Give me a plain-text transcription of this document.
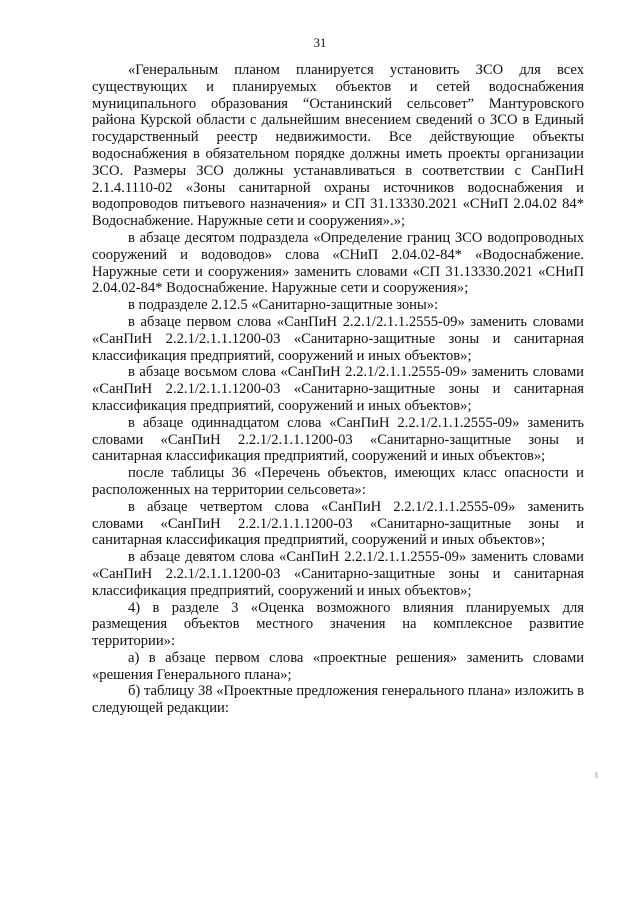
31

«Генеральным планом планируется установить ЗСО для всех существующих и планируемых объектов и сетей водоснабжения муниципального образования “Останинский сельсовет” Мантуровского района Курской области с дальнейшим внесением сведений о ЗСО в Единый государственный реестр недвижимости. Все действующие объекты водоснабжения в обязательном порядке должны иметь проекты организации ЗСО. Размеры ЗСО должны устанавливаться в соответствии с СанПиН 2.1.4.1110-02 «Зоны санитарной охраны источников водоснабжения и водопроводов питьевого назначения» и СП 31.13330.2021 «СНиП 2.04.02 84* Водоснабжение. Наружные сети и сооружения».»;

в абзаце десятом подраздела «Определение границ ЗСО водопроводных сооружений и водоводов» слова «СНиП 2.04.02-84* «Водоснабжение. Наружные сети и сооружения» заменить словами «СП 31.13330.2021 «СНиП 2.04.02-84* Водоснабжение. Наружные сети и сооружения»;

в подразделе 2.12.5 «Санитарно-защитные зоны»:

в абзаце первом слова «СанПиН 2.2.1/2.1.1.2555-09» заменить словами «СанПиН 2.2.1/2.1.1.1200-03 «Санитарно-защитные зоны и санитарная классификация предприятий, сооружений и иных объектов»;

в абзаце восьмом слова «СанПиН 2.2.1/2.1.1.2555-09» заменить словами «СанПиН 2.2.1/2.1.1.1200-03 «Санитарно-защитные зоны и санитарная классификация предприятий, сооружений и иных объектов»;

в абзаце одиннадцатом слова «СанПиН 2.2.1/2.1.1.2555-09» заменить словами «СанПиН 2.2.1/2.1.1.1200-03 «Санитарно-защитные зоны и санитарная классификация предприятий, сооружений и иных объектов»;

после таблицы 36 «Перечень объектов, имеющих класс опасности и расположенных на территории сельсовета»:

в абзаце четвертом слова «СанПиН 2.2.1/2.1.1.2555-09» заменить словами «СанПиН 2.2.1/2.1.1.1200-03 «Санитарно-защитные зоны и санитарная классификация предприятий, сооружений и иных объектов»;

в абзаце девятом слова «СанПиН 2.2.1/2.1.1.2555-09» заменить словами «СанПиН 2.2.1/2.1.1.1200-03 «Санитарно-защитные зоны и санитарная классификация предприятий, сооружений и иных объектов»;

4) в разделе 3 «Оценка возможного влияния планируемых для размещения объектов местного значения на комплексное развитие территории»:

а) в абзаце первом слова «проектные решения» заменить словами «решения Генерального плана»;

б) таблицу 38 «Проектные предложения генерального плана» изложить в следующей редакции:
